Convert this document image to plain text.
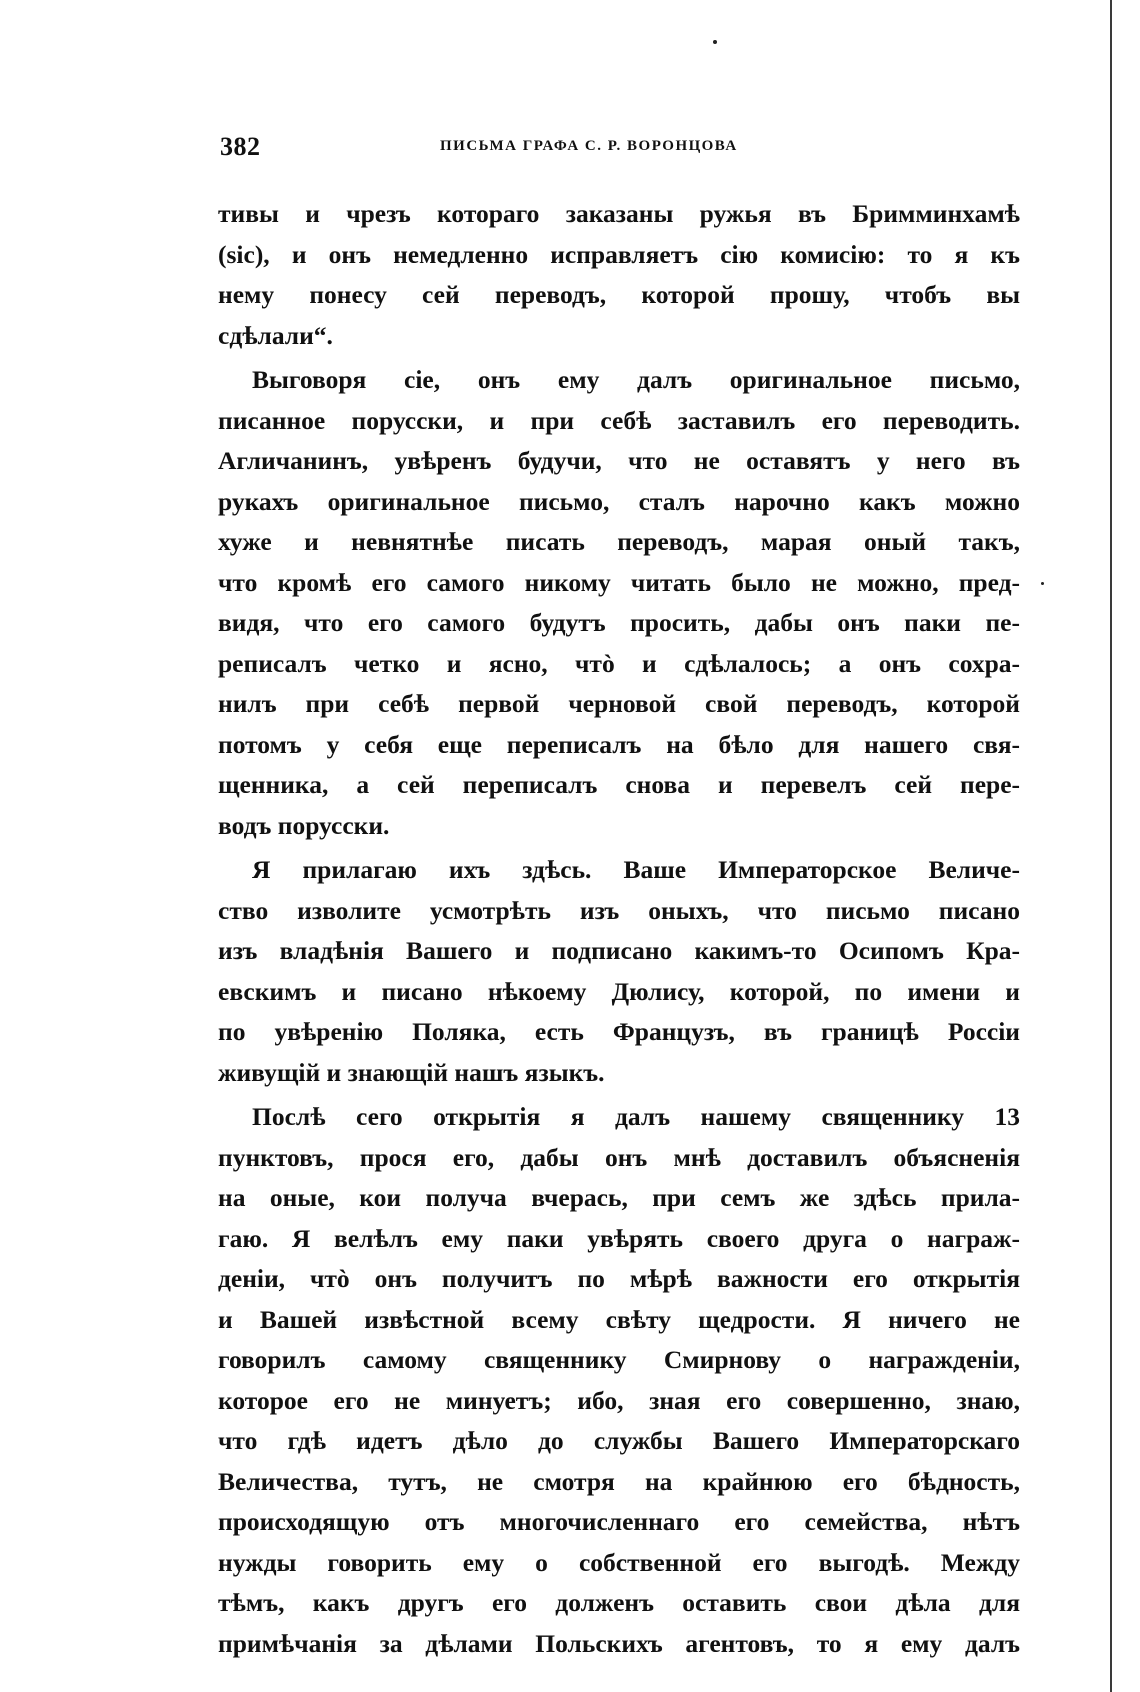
382	ПИСЬМА ГРАФА С. Р. ВОРОНЦОВА
тивы и чрезъ котораго заказаны ружья въ Бримминхамѣ
(sic), и онъ немедленно исправляетъ сію комисію: то я къ
нему понесу сей переводъ, которой прошу, чтобъ вы
сдѣлали“.
Выговоря сіе, онъ ему далъ оригинальное письмо,
писанное порусски, и при себѣ заставилъ его переводить.
Агличанинъ, увѣренъ будучи, что не оставятъ у него въ
рукахъ оригинальное письмо, сталъ нарочно какъ можно
хуже и невнятнѣе писать переводъ, марая оный такъ,
что кромѣ его самого никому читать было не можно, пред-
видя, что его самого будутъ просить, дабы онъ паки пе-
реписалъ четко и ясно, чтò и сдѣлалось; а онъ сохра-
нилъ при себѣ первой черновой свой переводъ, которой
потомъ у себя еще переписалъ на бѣло для нашего свя-
щенника, а сей переписалъ снова и перевелъ сей пере-
водъ порусски.
Я прилагаю ихъ здѣсь. Ваше Императорское Величе-
ство изволите усмотрѣть изъ оныхъ, что письмо писано
изъ владѣнія Вашего и подписано какимъ-то Осипомъ Кра-
евскимъ и писано нѣкоему Дюлису, которой, по имени и
по увѣренію Поляка, есть Французъ, въ границѣ Россіи
живущій и знающій нашъ языкъ.
Послѣ сего открытія я далъ нашему священнику 13
пунктовъ, прося его, дабы онъ мнѣ доставилъ объясненія
на оные, кои получа вчерась, при семъ же здѣсь прила-
гаю. Я велѣлъ ему паки увѣрять своего друга о награж-
деніи, чтò онъ получитъ по мѣрѣ важности его открытія
и Вашей извѣстной всему свѣту щедрости. Я ничего не
говорилъ самому священнику Смирнову о награжденіи,
которое его не минуетъ; ибо, зная его совершенно, знаю,
что гдѣ идетъ дѣло до службы Вашего Императорскаго
Величества, тутъ, не смотря на крайнюю его бѣдность,
происходящую отъ многочисленнаго его семейства, нѣтъ
нужды говорить ему о собственной его выгодѣ. Между
тѣмъ, какъ другъ его долженъ оставить свои дѣла для
примѣчанія за дѣлами Польскихъ агентовъ, то я ему далъ
